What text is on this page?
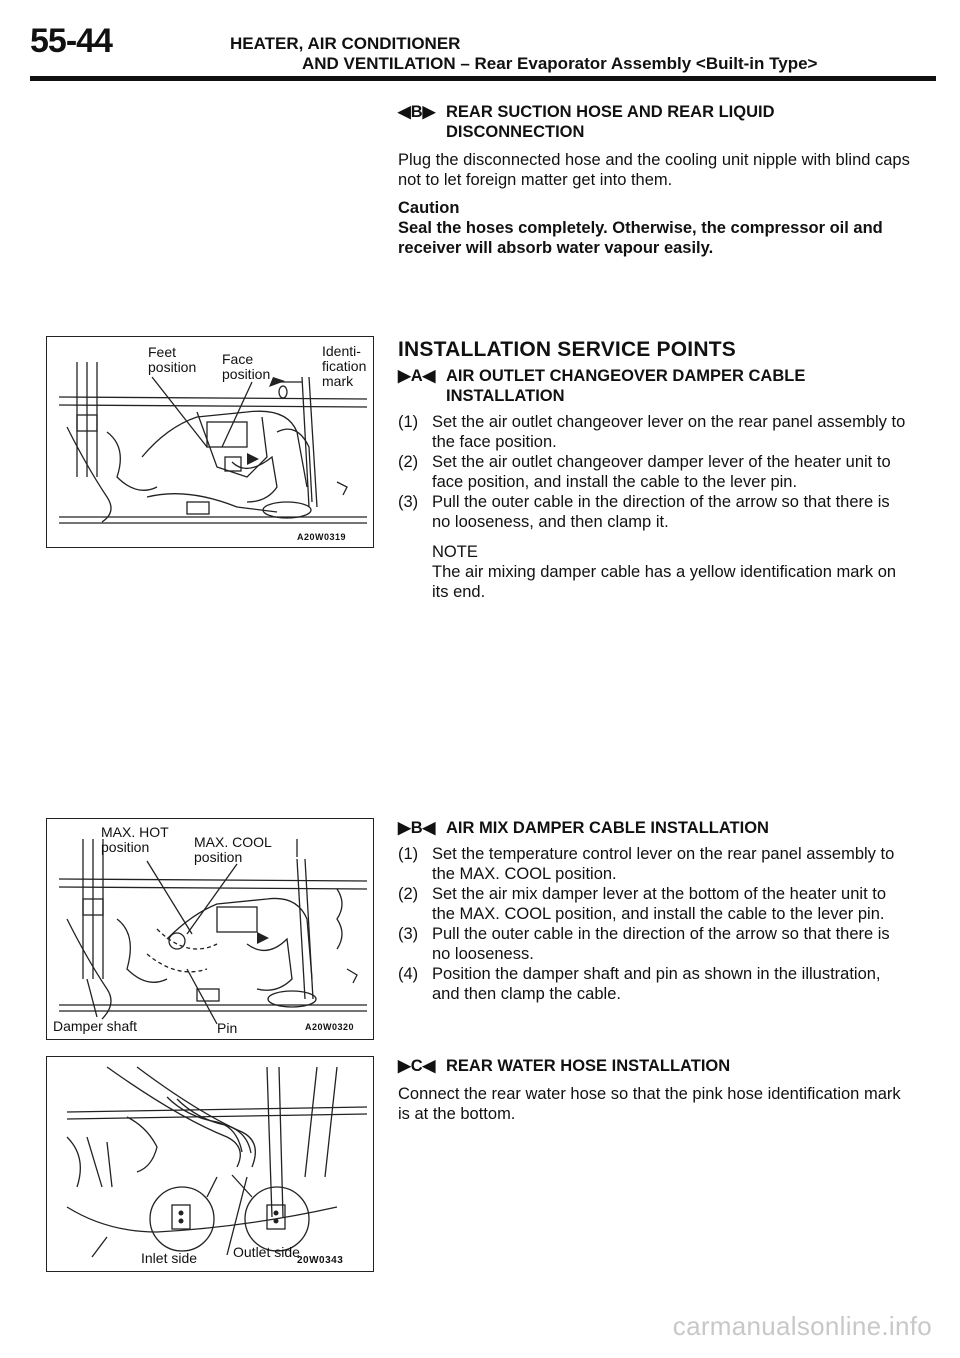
55-44	HEATER, AIR CONDITIONER
AND VENTILATION – Rear Evaporator Assembly <Built-in Type>
◀B▶ REAR SUCTION HOSE AND REAR LIQUID
DISCONNECTION
Plug the disconnected hose and the cooling unit nipple with blind caps not to let foreign matter get into them.
Caution
Seal the hoses completely. Otherwise, the compressor oil and receiver will absorb water vapour easily.
INSTALLATION SERVICE POINTS
▶A◀ AIR OUTLET CHANGEOVER DAMPER CABLE
INSTALLATION
(1) Set the air outlet changeover lever on the rear panel assembly to the face position.
(2) Set the air outlet changeover damper lever of the heater unit to face position, and install the cable to the lever pin.
(3) Pull the outer cable in the direction of the arrow so that there is no looseness, and then clamp it.
NOTE
The air mixing damper cable has a yellow identification mark on its end.
▶B◀ AIR MIX DAMPER CABLE INSTALLATION
(1) Set the temperature control lever on the rear panel assembly to the MAX. COOL position.
(2) Set the air mix damper lever at the bottom of the heater unit to the MAX. COOL position, and install the cable to the lever pin.
(3) Pull the outer cable in the direction of the arrow so that there is no looseness.
(4) Position the damper shaft and pin as shown in the illustration, and then clamp the cable.
▶C◀ REAR WATER HOSE INSTALLATION
Connect the rear water hose so that the pink hose identification mark is at the bottom.
Feet
position Face
position
Identi-
fication
mark
A20W0319
MAX. HOT
position	MAX. COOL
position
Damper shaft	Pin	A20W0320
Inlet side	Outlet side
20W0343
carmanualsonline.info
